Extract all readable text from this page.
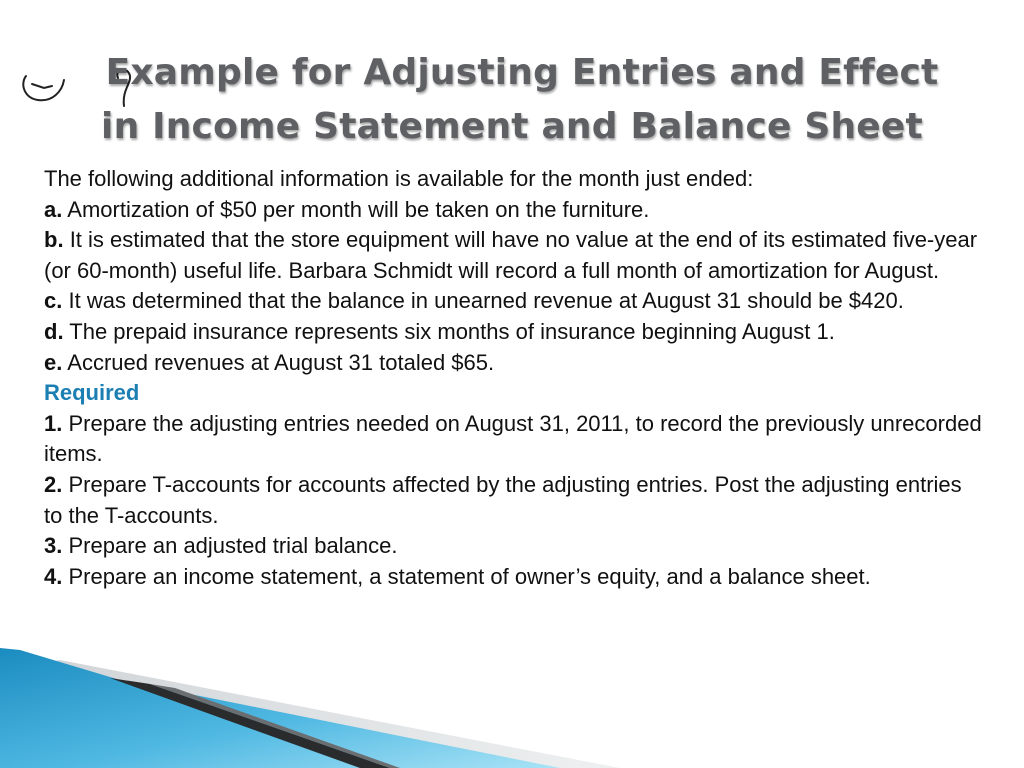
Example for Adjusting Entries and Effect
in Income Statement and Balance Sheet

The following additional information is available for the month just ended:

a. Amortization of $50 per month will be taken on the furniture.

b. It is estimated that the store equipment will have no value at the end of its estimated five-year (or 60-month) useful life. Barbara Schmidt will record a full month of amortization for August.

c. It was determined that the balance in unearned revenue at August 31 should be $420.

d. The prepaid insurance represents six months of insurance beginning August 1.

e. Accrued revenues at August 31 totaled $65.

Required

1. Prepare the adjusting entries needed on August 31, 2011, to record the previously unrecorded items.

2. Prepare T-accounts for accounts affected by the adjusting entries. Post the adjusting entries to the T-accounts.

3. Prepare an adjusted trial balance.

4. Prepare an income statement, a statement of owner’s equity, and a balance sheet.
